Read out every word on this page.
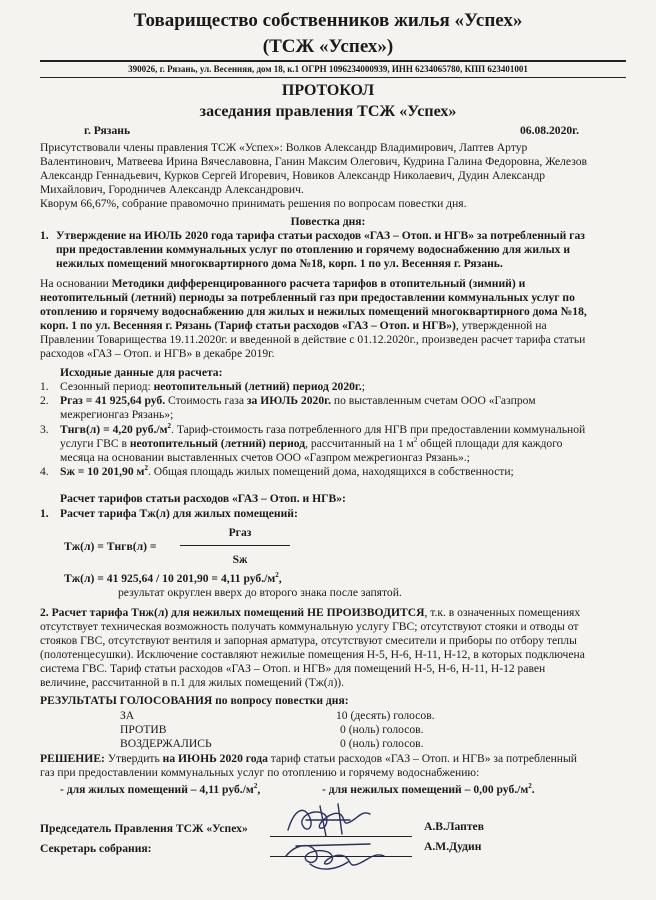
Товарищество собственников жилья «Успех»
(ТСЖ «Успех»)
390026, г. Рязань, ул. Весенняя, дом 18, к.1 ОГРН 1096234000939, ИНН 6234065780, КПП 623401001
ПРОТОКОЛ
заседания правления ТСЖ «Успех»
г. Рязань	06.08.2020г.
Присутствовали члены правления ТСЖ «Успех»: Волков Александр Владимирович, Лаптев Артур
Валентинович, Матвеева Ирина Вячеславовна, Ганин Максим Олегович, Кудрина Галина Федоровна, Железов
Александр Геннадьевич, Курков Сергей Игоревич, Новиков Александр Николаевич, Дудин Александр
Михайлович, Городничев Александр Александрович.
Кворум 66,67%, собрание правомочно принимать решения по вопросам повестки дня.
Повестка дня:
1. Утверждение на ИЮЛЬ 2020 года тарифа статьи расходов «ГАЗ – Отоп. и НГВ» за потребленный газ
при предоставлении коммунальных услуг по отоплению и горячему водоснабжению для жилых и
нежилых помещений многоквартирного дома №18, корп. 1 по ул. Весенняя г. Рязань.
На основании Методики дифференцированного расчета тарифов в отопительный (зимний) и
неотопительный (летний) периоды за потребленный газ при предоставлении коммунальных услуг по
отоплению и горячему водоснабжению для жилых и нежилых помещений многоквартирного дома №18,
корп. 1 по ул. Весенняя г. Рязань (Тариф статьи расходов «ГАЗ – Отоп. и НГВ»), утвержденной на
Правлении Товарищества 19.11.2020г. и введенной в действие с 01.12.2020г., произведен расчет тарифа статьи
расходов «ГАЗ – Отоп. и НГВ» в декабре 2019г.
Исходные данные для расчета:
1. Сезонный период: неотопительный (летний) период 2020г.;
2. Ргаз = 41 925,64 руб. Стоимость газа за ИЮЛЬ 2020г. по выставленным счетам ООО «Газпром
межрегионгаз Рязань»;
3. Тнгв(л) = 4,20 $руб./м^2$. Тариф-стоимость газа потребленного для НГВ при предоставлении коммунальной
услуги ГВС в неотопительный (летний) период, рассчитанный на 1 $м^2$ общей площади для каждого
месяца на основании выставленных счетов ООО «Газпром межрегионгаз Рязань».;
4. Sж = 10 201,90 $м^2$. Общая площадь жилых помещений дома, находящихся в собственности;
Расчет тарифов статьи расходов «ГАЗ – Отоп. и НГВ»:
1. Расчет тарифа Тж(л) для жилых помещений:
Ргаз
Тж(л) = Тнгв(л) =
Sж
Тж(л) = 41 925,64 / 10 201,90 = 4,11 $руб./м^2$,
результат округлен вверх до второго знака после запятой.
2. Расчет тарифа Тнж(л) для нежилых помещений НЕ ПРОИЗВОДИТСЯ, т.к. в означенных помещениях
отсутствует техническая возможность получать коммунальную услугу ГВС; отсутствуют стояки и отводы от
стояков ГВС, отсутствуют вентиля и запорная арматура, отсутствуют смесители и приборы по отбору теплы
(полотенцесушки). Исключение составляют нежилые помещения Н-5, Н-6, Н-11, Н-12, в которых подключена
система ГВС. Тариф статьи расходов «ГАЗ – Отоп. и НГВ» для помещений Н-5, Н-6, Н-11, Н-12 равен
величине, рассчитанной в п.1 для жилых помещений (Тж(л)).
РЕЗУЛЬТАТЫ ГОЛОСОВАНИЯ по вопросу повестки дня:
ЗА	10 (десять) голосов.
ПРОТИВ	0 (ноль) голосов.
ВОЗДЕРЖАЛИСЬ	0 (ноль) голосов.
РЕШЕНИЕ: Утвердить на ИЮНЬ 2020 года тариф статьи расходов «ГАЗ – Отоп. и НГВ» за потребленный
газ при предоставлении коммунальных услуг по отоплению и горячему водоснабжению:
- для жилых помещений – 4,11 $руб./м^2$,	- для нежилых помещений – 0,00 $руб./м^2$.
Председатель Правления ТСЖ «Успех»	А.В.Лаптев
Секретарь собрания:	А.М.Дудин
